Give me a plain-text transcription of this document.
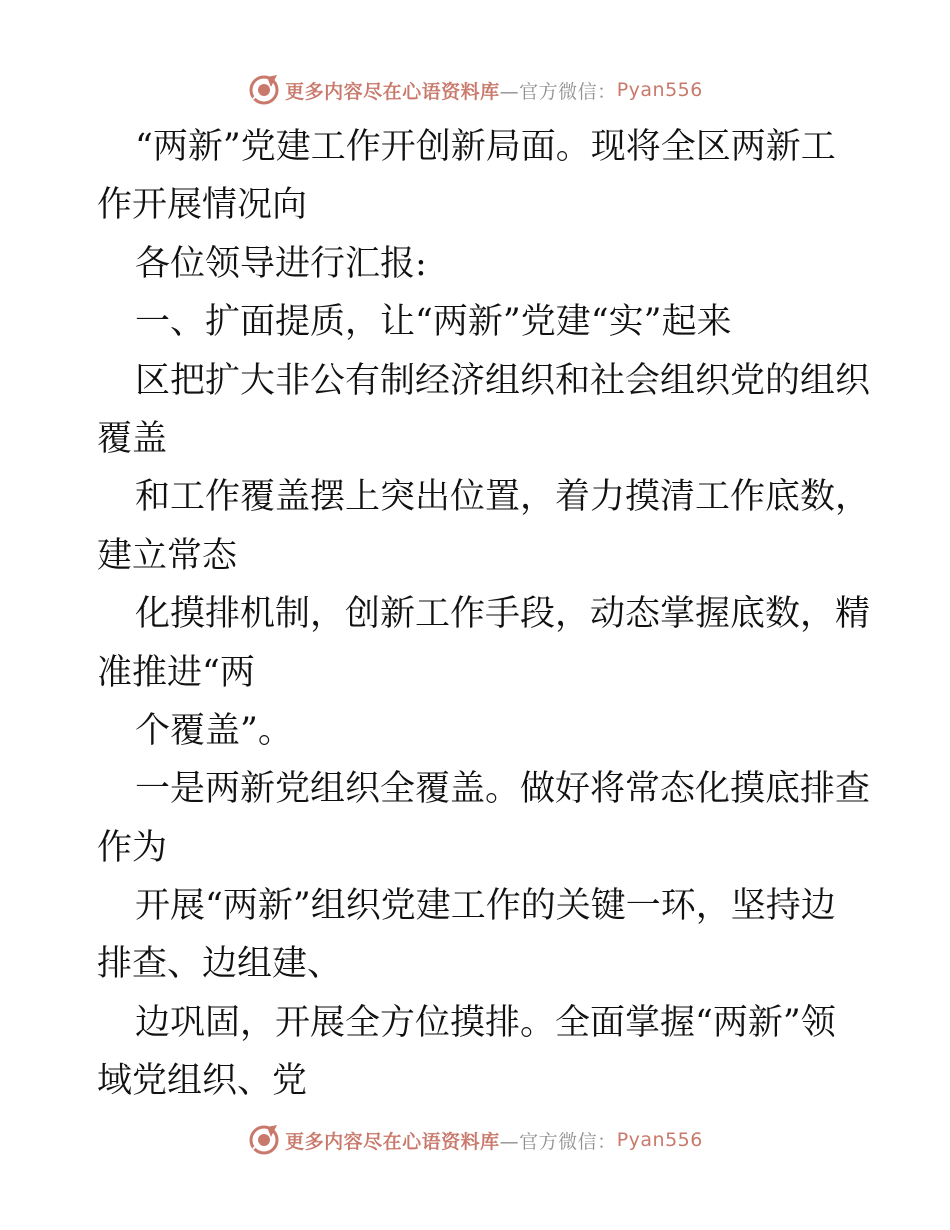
更多内容尽在心语资料库 —官方微信： Pyan556
“两新”党建工作开创新局面。现将全区两新工
作开展情况向
各位领导进行汇报:
一、扩面提质，让“两新”党建“实”起来
区把扩大非公有制经济组织和社会组织党的组织
覆盖
和工作覆盖摆上突出位置，着力摸清工作底数，
建立常态
化摸排机制，创新工作手段，动态掌握底数，精
准推进“两
个覆盖”。
一是两新党组织全覆盖。做好将常态化摸底排查
作为
开展“两新”组织党建工作的关键一环，坚持边
排查、边组建、
边巩固，开展全方位摸排。全面掌握“两新”领
域党组织、党
更多内容尽在心语资料库 —官方微信： Pyan556
